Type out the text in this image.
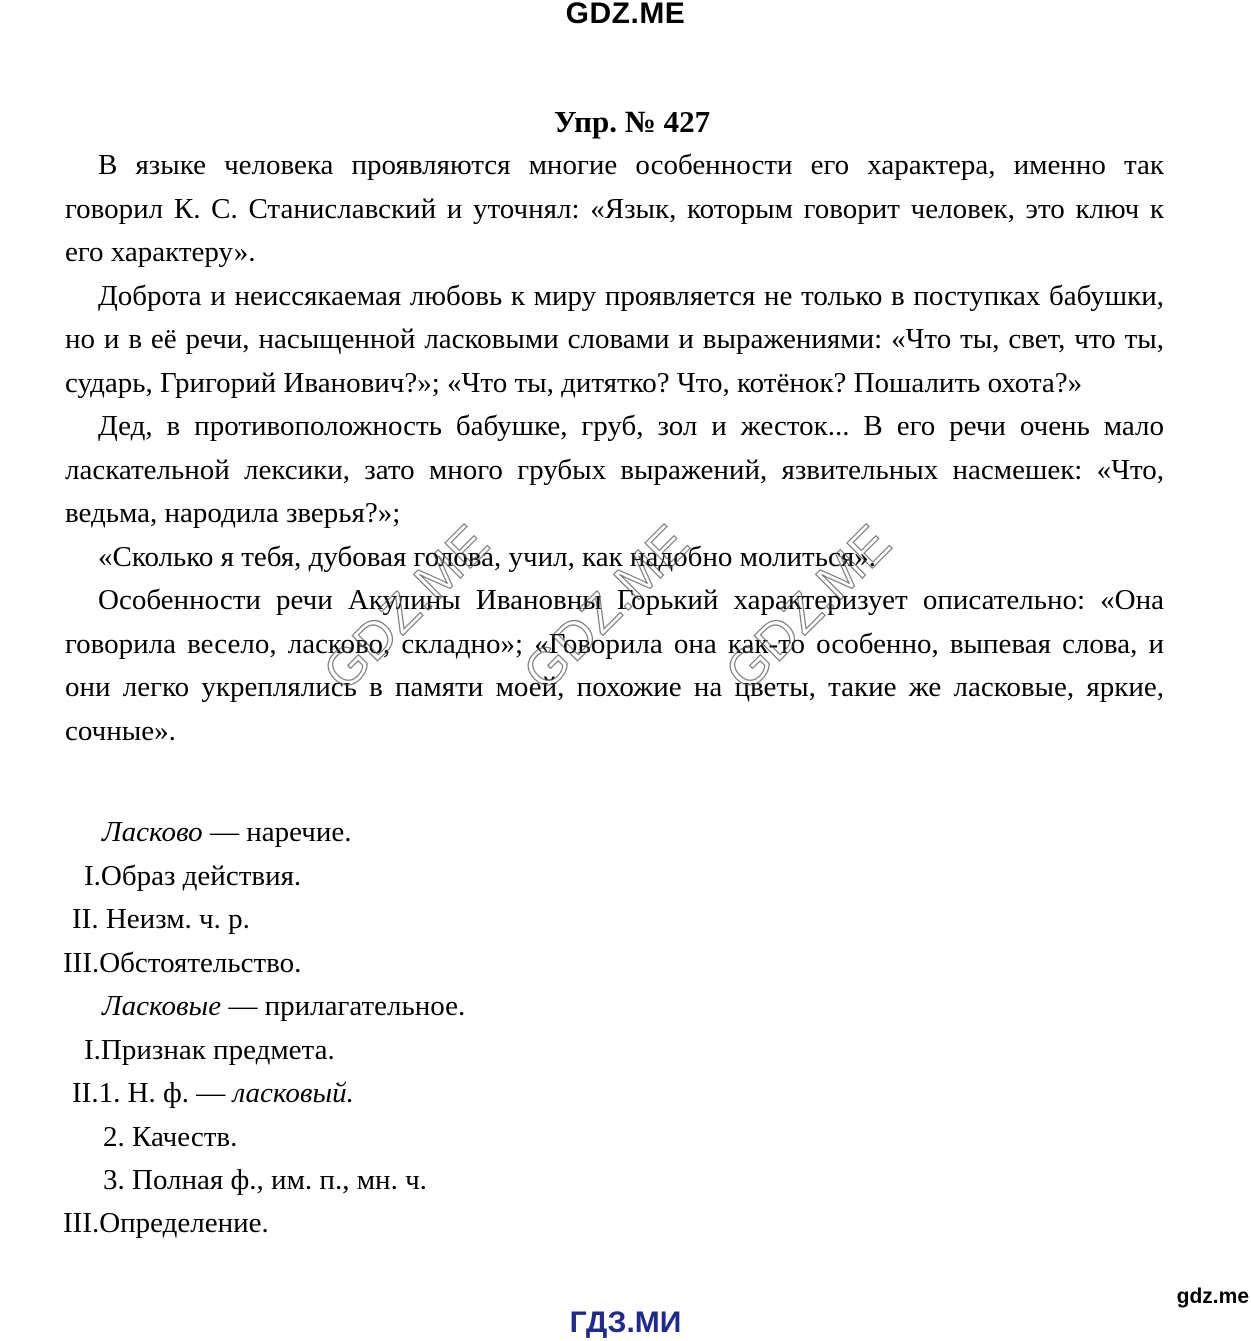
GDZ.ME
Упр. № 427

В языке человека проявляются многие особенности его характера, именно так говорил К. С. Станиславский и уточнял: «Язык, которым говорит человек, это ключ к его характеру».

Доброта и неиссякаемая любовь к миру проявляется не только в поступках бабушки, но и в её речи, насыщенной ласковыми словами и выражениями: «Что ты, свет, что ты, сударь, Григорий Иванович?»; «Что ты, дитятко? Что, котёнок? Пошалить охота?»

Дед, в противоположность бабушке, груб, зол и жесток... В его речи очень мало ласкательной лексики, зато много грубых выражений, язвительных насмешек: «Что, ведьма, народила зверья?»;

«Сколько я тебя, дубовая голова, учил, как надобно молиться».

Особенности речи Акулины Ивановны Горький характеризует описательно: «Она говорила весело, ласково, складно»; «Говорила она как-то особенно, выпевая слова, и они легко укреплялись в памяти моей, похожие на цветы, такие же ласковые, яркие, сочные».

Ласково — наречие.
I.Образ действия.
II. Неизм. ч. р.
III.Обстоятельство.
Ласковые — прилагательное.
I.Признак предмета.
II.1. Н. ф. — ласковый.
2. Качеств.
3. Полная ф., им. п., мн. ч.
III.Определение.
GDZ.ME GDZ.ME GDZ.ME
gdz.me
ГДЗ.МИ
